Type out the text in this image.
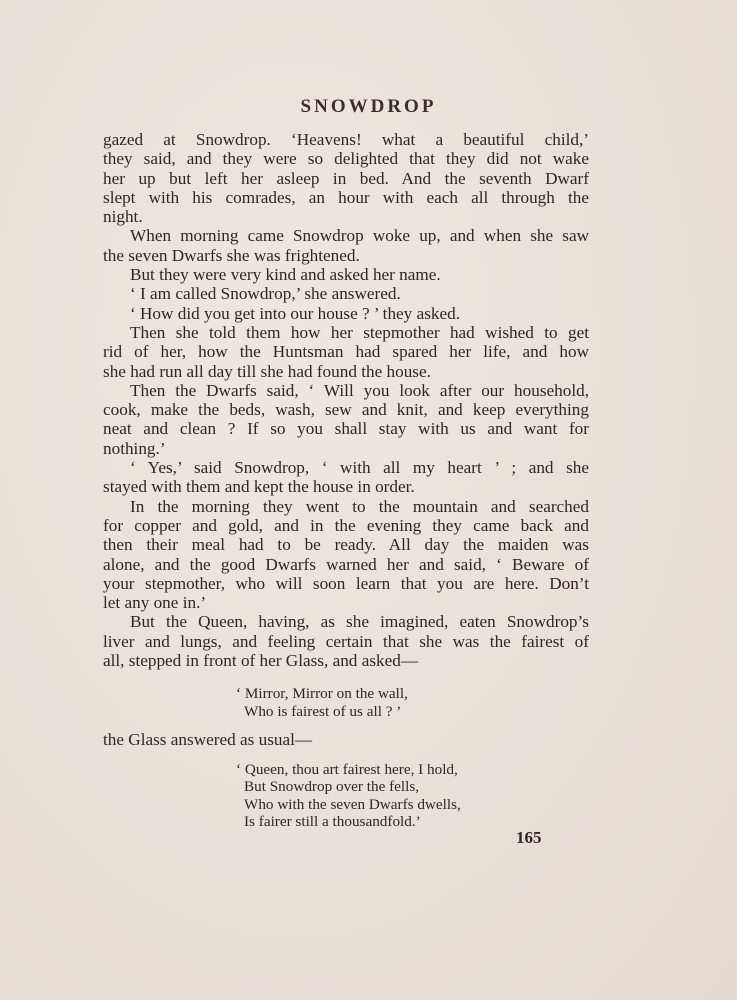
SNOWDROP
gazed at Snowdrop. ‘Heavens! what a beautiful child,’
they said, and they were so delighted that they did not wake
her up but left her asleep in bed. And the seventh Dwarf
slept with his comrades, an hour with each all through the
night.
When morning came Snowdrop woke up, and when she saw
the seven Dwarfs she was frightened.
But they were very kind and asked her name.
‘ I am called Snowdrop,’ she answered.
‘ How did you get into our house ? ’ they asked.
Then she told them how her stepmother had wished to get
rid of her, how the Huntsman had spared her life, and how
she had run all day till she had found the house.
Then the Dwarfs said, ‘ Will you look after our household,
cook, make the beds, wash, sew and knit, and keep everything
neat and clean ? If so you shall stay with us and want for
nothing.’
‘ Yes,’ said Snowdrop, ‘ with all my heart ’ ; and she
stayed with them and kept the house in order.
In the morning they went to the mountain and searched
for copper and gold, and in the evening they came back and
then their meal had to be ready. All day the maiden was
alone, and the good Dwarfs warned her and said, ‘ Beware of
your stepmother, who will soon learn that you are here. Don’t
let any one in.’
But the Queen, having, as she imagined, eaten Snowdrop’s
liver and lungs, and feeling certain that she was the fairest of
all, stepped in front of her Glass, and asked—
‘ Mirror, Mirror on the wall,
Who is fairest of us all ? ’
the Glass answered as usual—
‘ Queen, thou art fairest here, I hold,
But Snowdrop over the fells,
Who with the seven Dwarfs dwells,
Is fairer still a thousandfold.’
165
